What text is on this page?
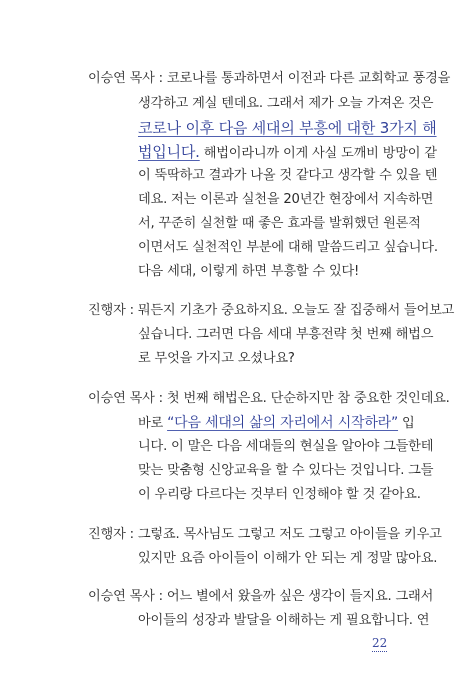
이승연 목사 : 코로나를 통과하면서 이전과 다른 교회학교 풍경을
생각하고 계실 텐데요. 그래서 제가 오늘 가져온 것은
코로나 이후 다음 세대의 부흥에 대한 3가지 해
법입니다. 해법이라니까 이게 사실 도깨비 방망이 같
이 뚝딱하고 결과가 나올 것 같다고 생각할 수 있을 텐
데요. 저는 이론과 실천을 20년간 현장에서 지속하면
서, 꾸준히 실천할 때 좋은 효과를 발휘했던 원론적
이면서도 실천적인 부분에 대해 말씀드리고 싶습니다.
다음 세대, 이렇게 하면 부흥할 수 있다!
진행자 : 뭐든지 기초가 중요하지요. 오늘도 잘 집중해서 들어보고
싶습니다. 그러면 다음 세대 부흥전략 첫 번째 해법으
로 무엇을 가지고 오셨나요?
이승연 목사 : 첫 번째 해법은요. 단순하지만 참 중요한 것인데요.
바로 “다음 세대의 삶의 자리에서 시작하라” 입
니다. 이 말은 다음 세대들의 현실을 알아야 그들한테
맞는 맞춤형 신앙교육을 할 수 있다는 것입니다. 그들
이 우리랑 다르다는 것부터 인정해야 할 것 같아요.
진행자 : 그렇죠. 목사님도 그렇고 저도 그렇고 아이들을 키우고
있지만 요즘 아이들이 이해가 안 되는 게 정말 많아요.
이승연 목사 : 어느 별에서 왔을까 싶은 생각이 들지요. 그래서
아이들의 성장과 발달을 이해하는 게 필요합니다. 연
22
